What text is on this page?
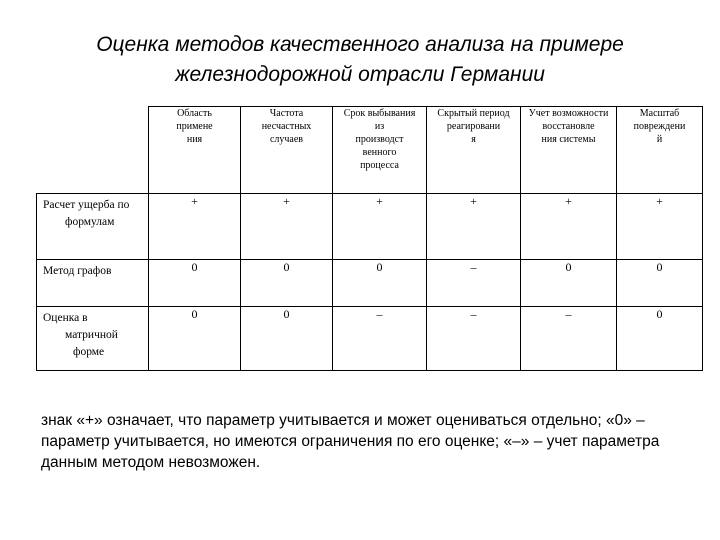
Оценка методов качественного анализа на примере
железнодорожной отрасли Германии

	Область
примене
ния	Частота
несчастных
случаев	Срок выбывания
из
производст
венного
процесса	Скрытый период
реагировани
я	Учет возможности
восстановле
ния системы	Масштаб
повреждени
й

Расчет ущерба по
формулам	+	+	+	+	+	+
Метод графов	0	0	0	–	0	0
Оценка в
матричной
форме	0	0	–	–	–	0
знак «+» означает, что параметр учитывается и может оцениваться отдельно; «0» – параметр учитывается, но имеются ограничения по его оценке; «–» – учет параметра данным методом невозможен.
